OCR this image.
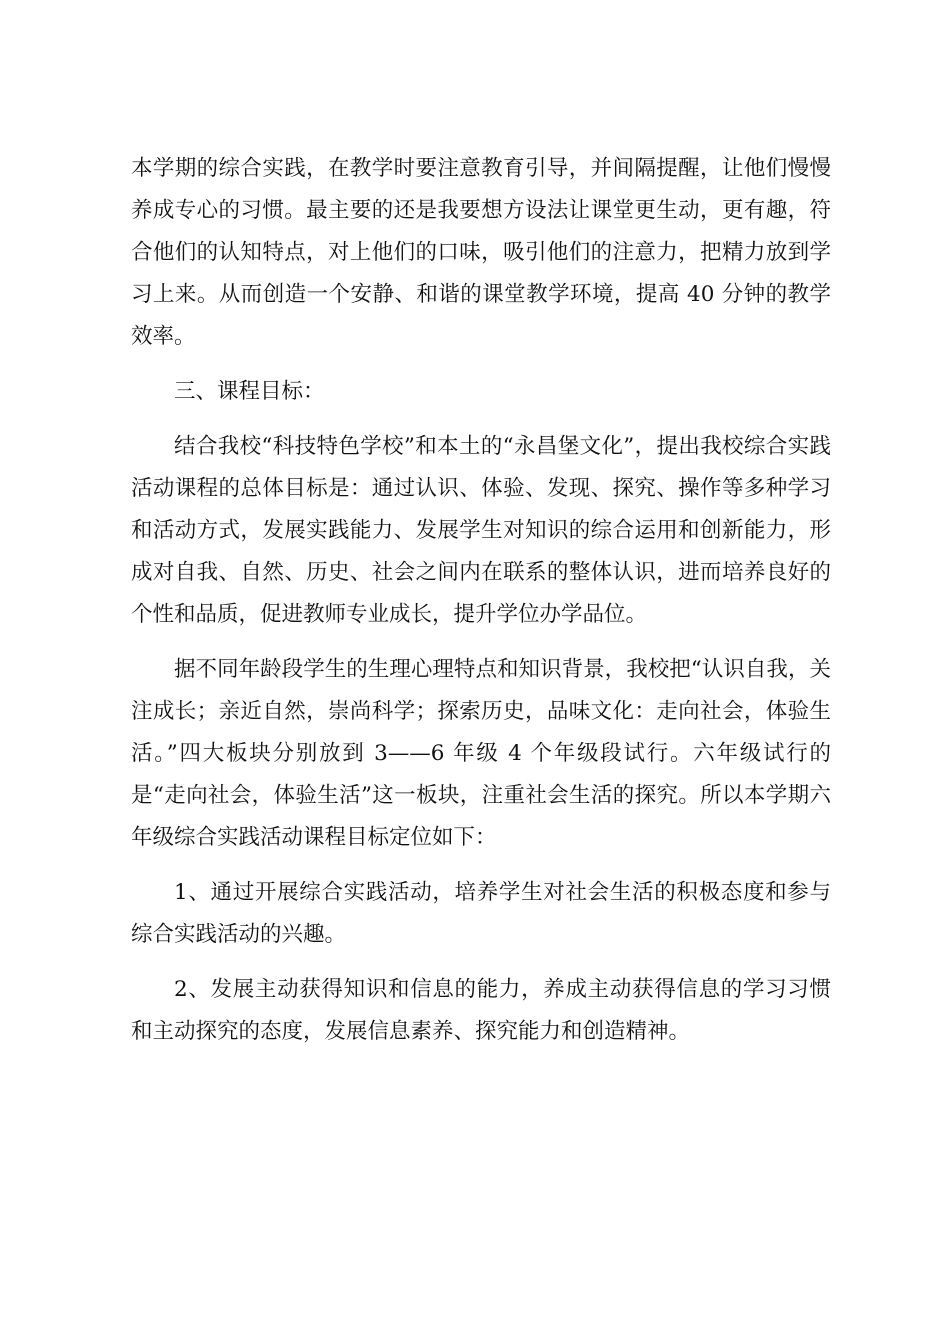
本学期的综合实践，在教学时要注意教育引导，并间隔提醒，让他们慢慢养成专心的习惯。最主要的还是我要想方设法让课堂更生动，更有趣，符合他们的认知特点，对上他们的口味，吸引他们的注意力，把精力放到学习上来。从而创造一个安静、和谐的课堂教学环境，提高 40 分钟的教学效率。

三、课程目标：

结合我校“科技特色学校”和本土的“永昌堡文化”，提出我校综合实践活动课程的总体目标是：通过认识、体验、发现、探究、操作等多种学习和活动方式，发展实践能力、发展学生对知识的综合运用和创新能力，形成对自我、自然、历史、社会之间内在联系的整体认识，进而培养良好的个性和品质，促进教师专业成长，提升学位办学品位。

据不同年龄段学生的生理心理特点和知识背景，我校把“认识自我，关注成长；亲近自然，崇尚科学；探索历史，品味文化：走向社会，体验生活。”四大板块分别放到 3——6 年级 4 个年级段试行。六年级试行的是“走向社会，体验生活”这一板块，注重社会生活的探究。所以本学期六年级综合实践活动课程目标定位如下：

1、通过开展综合实践活动，培养学生对社会生活的积极态度和参与综合实践活动的兴趣。

2、发展主动获得知识和信息的能力，养成主动获得信息的学习习惯和主动探究的态度，发展信息素养、探究能力和创造精神。
